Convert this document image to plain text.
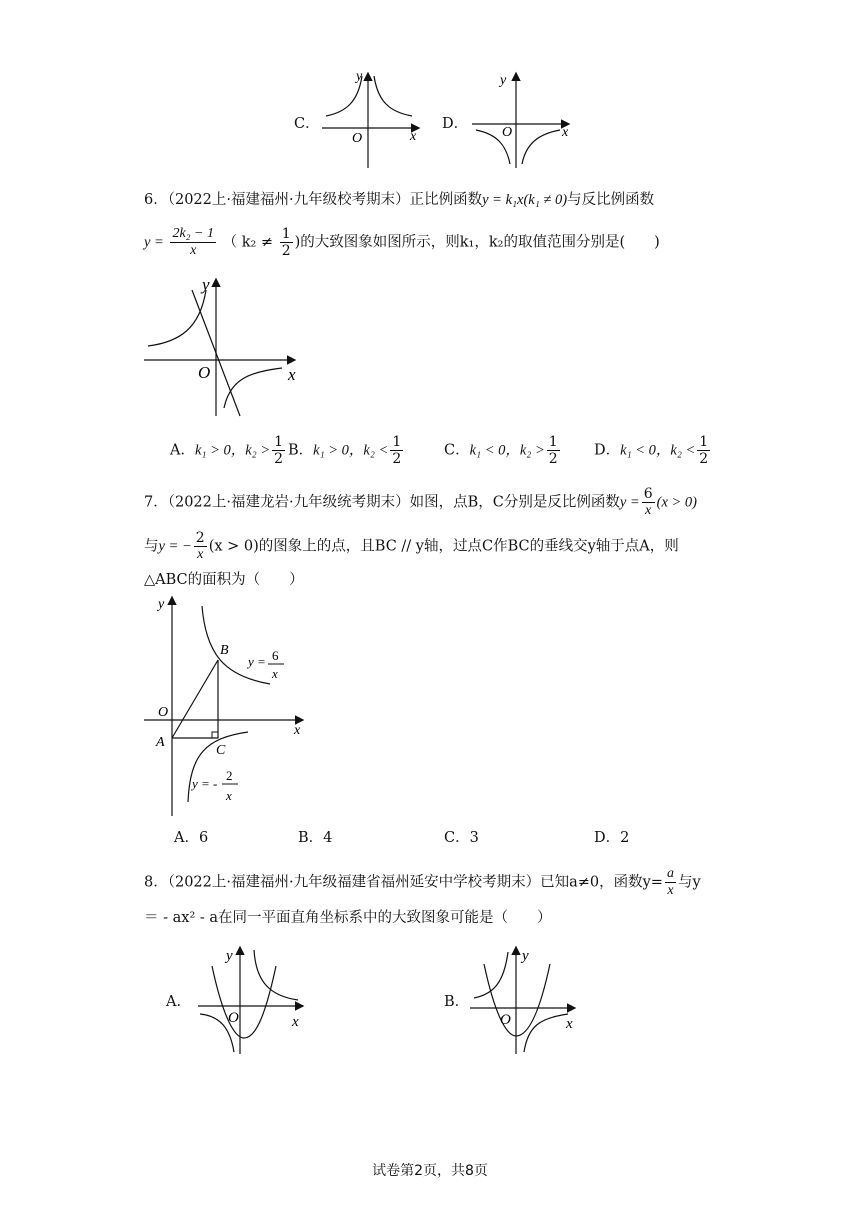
C．
y
x
O
D．
y
x
O
6．（2022上·福建福州·九年级校考期末）正比例函数y = k₁x(k₁ ≠ 0)与反比例函数
$y = \frac{\text{2k₂ − 1}}{x}$ （ $k_2 \ne \frac{1}{2}$ )的大致图象如图所示，则k₁，k₂的取值范围分别是(　　)
y
x
O
A．k₁ > 0，$k_2 > \frac{1}{2}$ B．k₁ > 0，$k_2 < \frac{1}{2}$	C．k₁ < 0，$k_2 > \frac{1}{2}$ D．k₁ < 0，$k_2 < \frac{1}{2}$
7．（2022上·福建龙岩·九年级统考期末）如图，点B，C分别是反比例函数$y = \frac{6}{x} (x > 0)$
与y = − $\frac{2}{x} (x > 0)$的图象上的点，且BC // y轴，过点C作BC的垂线交y轴于点A，则
△ABC的面积为（　　）
y
x
O
A
B
C
y = 6
x
y = -
2
x
A．6	B．4	C．3	D．2
8．（2022上·福建福州·九年级福建省福州延安中学校考期末）已知a≠0，函数$y= \frac{a}{x}$ 与y
＝ - ax² - a在同一平面直角坐标系中的大致图象可能是（　　）
A．
y
x
O
B．
y
x
O
试卷第2页，共8页
